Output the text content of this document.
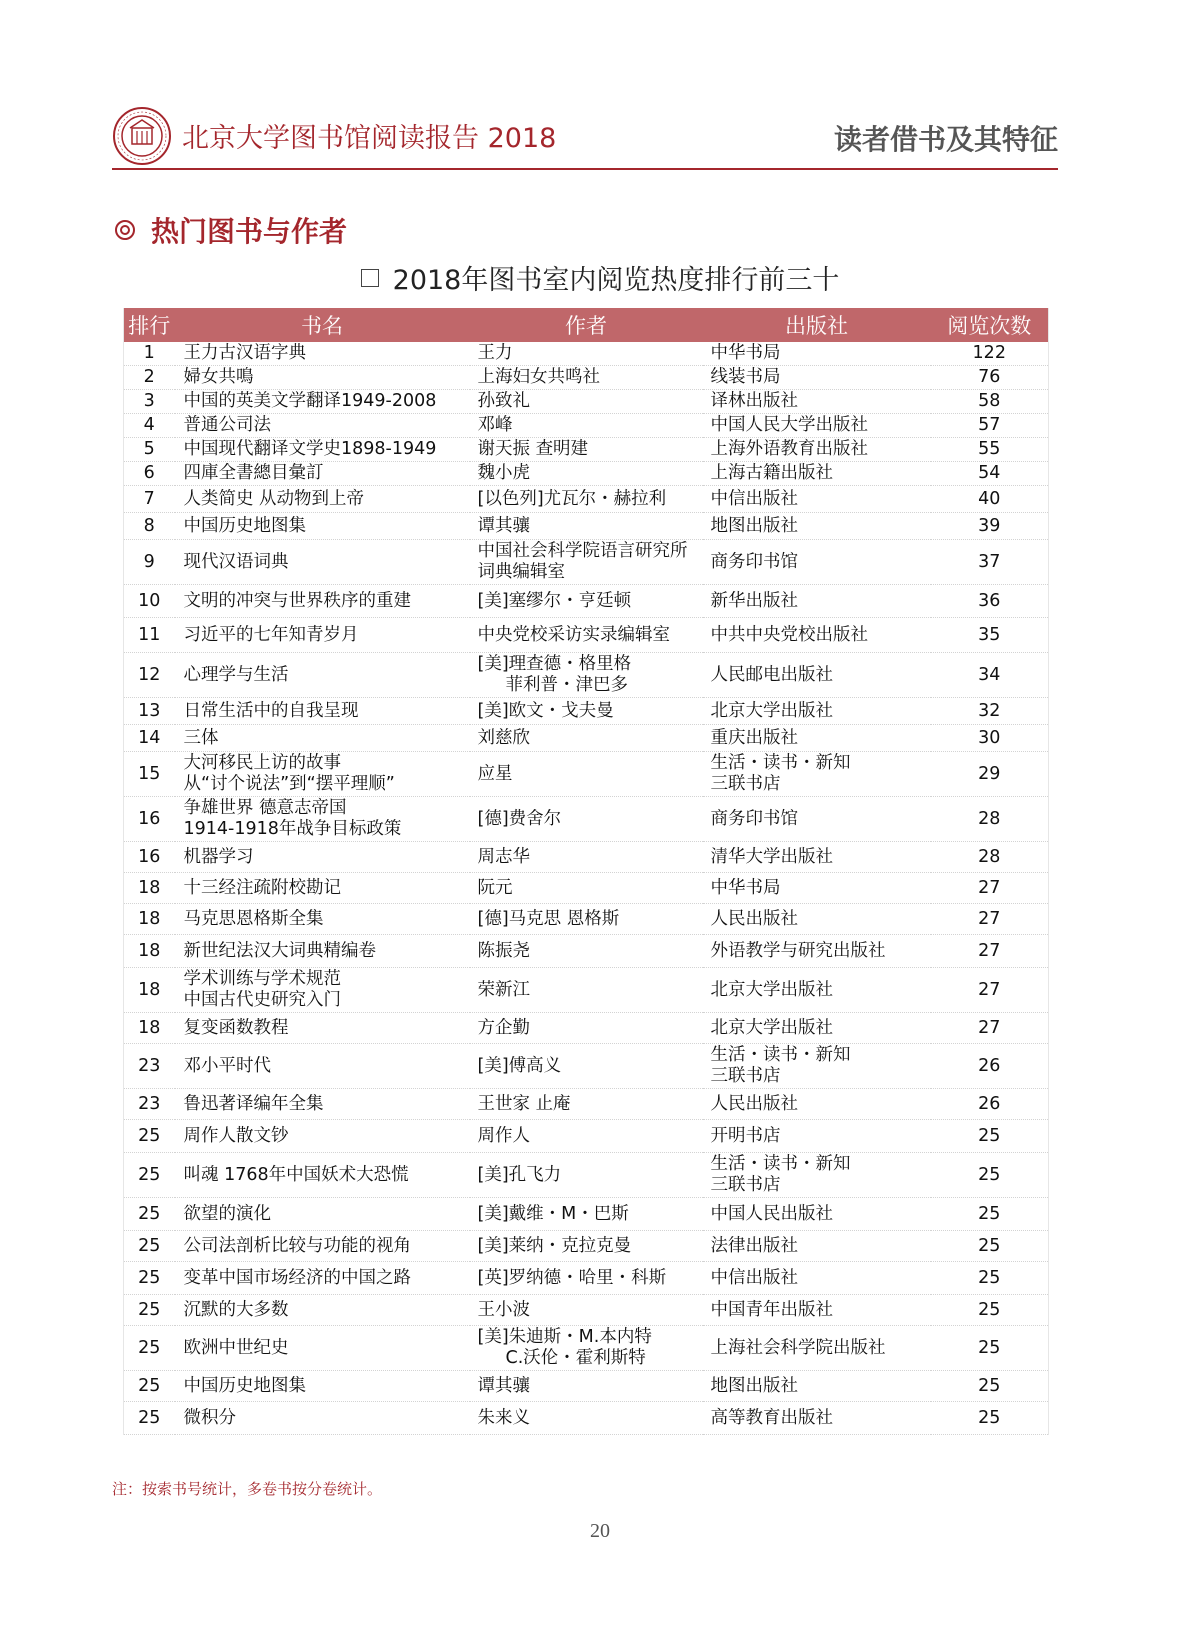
北京大学图书馆阅读报告 2018	读者借书及其特征
热门图书与作者
2018年图书室内阅览热度排行前三十
排行	书名	作者	出版社	阅览次数
1	王力古汉语字典	王力	中华书局	122
2	婦女共鳴	上海妇女共鸣社	线装书局	76
3	中国的英美文学翻译1949-2008	孙致礼	译林出版社	58
4	普通公司法	邓峰	中国人民大学出版社	57
5	中国现代翻译文学史1898-1949	谢天振 查明建	上海外语教育出版社	55
6	四庫全書總目彙訂	魏小虎	上海古籍出版社	54
7	人类简史 从动物到上帝	[以色列]尤瓦尔・赫拉利	中信出版社	40
8	中国历史地图集	谭其骧	地图出版社	39
9	现代汉语词典	中国社会科学院语言研究所
词典编辑室	商务印书馆	37
10	文明的冲突与世界秩序的重建	[美]塞缪尔・亨廷顿	新华出版社	36
11	习近平的七年知青岁月	中央党校采访实录编辑室	中共中央党校出版社	35
12	心理学与生活	[美]理查德・格里格
菲利普・津巴多	人民邮电出版社	34
13	日常生活中的自我呈现	[美]欧文・戈夫曼	北京大学出版社	32
14	三体	刘慈欣	重庆出版社	30
15	大河移民上访的故事
从“讨个说法”到“摆平理顺”	应星	生活・读书・新知
三联书店	29
16	争雄世界 德意志帝国
1914-1918年战争目标政策	[德]费舍尔	商务印书馆	28
16	机器学习	周志华	清华大学出版社	28
18	十三经注疏附校勘记	阮元	中华书局	27
18	马克思恩格斯全集	[德]马克思 恩格斯	人民出版社	27
18	新世纪法汉大词典精编卷	陈振尧	外语教学与研究出版社	27
18	学术训练与学术规范
中国古代史研究入门	荣新江	北京大学出版社	27
18	复变函数教程	方企勤	北京大学出版社	27
23	邓小平时代	[美]傅高义	生活・读书・新知
三联书店	26
23	鲁迅著译编年全集	王世家 止庵	人民出版社	26
25	周作人散文钞	周作人	开明书店	25
25	叫魂 1768年中国妖术大恐慌	[美]孔飞力	生活・读书・新知
三联书店	25
25	欲望的演化	[美]戴维・M・巴斯	中国人民出版社	25
25	公司法剖析比较与功能的视角	[美]莱纳・克拉克曼	法律出版社	25
25	变革中国市场经济的中国之路	[英]罗纳德・哈里・科斯	中信出版社	25
25	沉默的大多数	王小波	中国青年出版社	25
25	欧洲中世纪史	[美]朱迪斯・M.本内特
C.沃伦・霍利斯特	上海社会科学院出版社	25
25	中国历史地图集	谭其骧	地图出版社	25
25	微积分	朱来义	高等教育出版社	25
注：按索书号统计，多卷书按分卷统计。
20
